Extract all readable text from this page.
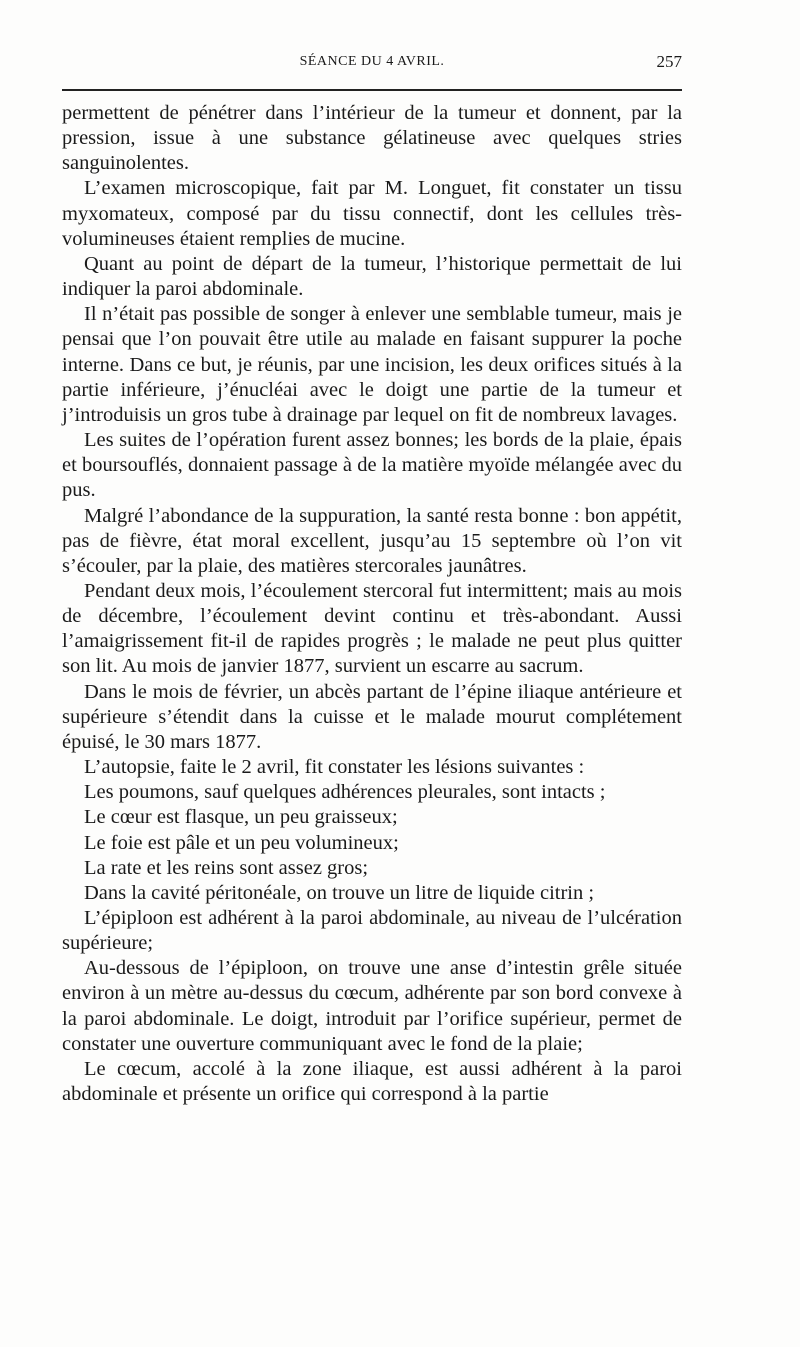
SÉANCE DU 4 AVRIL.	257

permettent de pénétrer dans l’intérieur de la tumeur et donnent, par la pression, issue à une substance gélatineuse avec quelques stries sanguinolentes.

L’examen microscopique, fait par M. Longuet, fit constater un tissu myxomateux, composé par du tissu connectif, dont les cellules très-volumineuses étaient remplies de mucine.

Quant au point de départ de la tumeur, l’historique permettait de lui indiquer la paroi abdominale.

Il n’était pas possible de songer à enlever une semblable tumeur, mais je pensai que l’on pouvait être utile au malade en faisant suppurer la poche interne. Dans ce but, je réunis, par une incision, les deux orifices situés à la partie inférieure, j’énucléai avec le doigt une partie de la tumeur et j’introduisis un gros tube à drainage par lequel on fit de nombreux lavages.

Les suites de l’opération furent assez bonnes; les bords de la plaie, épais et boursouflés, donnaient passage à de la matière myoïde mélangée avec du pus.

Malgré l’abondance de la suppuration, la santé resta bonne : bon appétit, pas de fièvre, état moral excellent, jusqu’au 15 septembre où l’on vit s’écouler, par la plaie, des matières stercorales jaunâtres.

Pendant deux mois, l’écoulement stercoral fut intermittent; mais au mois de décembre, l’écoulement devint continu et très-abondant. Aussi l’amaigrissement fit-il de rapides progrès ; le malade ne peut plus quitter son lit. Au mois de janvier 1877, survient un escarre au sacrum.

Dans le mois de février, un abcès partant de l’épine iliaque antérieure et supérieure s’étendit dans la cuisse et le malade mourut complétement épuisé, le 30 mars 1877.

L’autopsie, faite le 2 avril, fit constater les lésions suivantes :

Les poumons, sauf quelques adhérences pleurales, sont intacts ;

Le cœur est flasque, un peu graisseux;

Le foie est pâle et un peu volumineux;

La rate et les reins sont assez gros;

Dans la cavité péritonéale, on trouve un litre de liquide citrin ;

L’épiploon est adhérent à la paroi abdominale, au niveau de l’ulcération supérieure;

Au-dessous de l’épiploon, on trouve une anse d’intestin grêle située environ à un mètre au-dessus du cœcum, adhérente par son bord convexe à la paroi abdominale. Le doigt, introduit par l’orifice supérieur, permet de constater une ouverture communiquant avec le fond de la plaie;

Le cœcum, accolé à la zone iliaque, est aussi adhérent à la paroi abdominale et présente un orifice qui correspond à la partie
